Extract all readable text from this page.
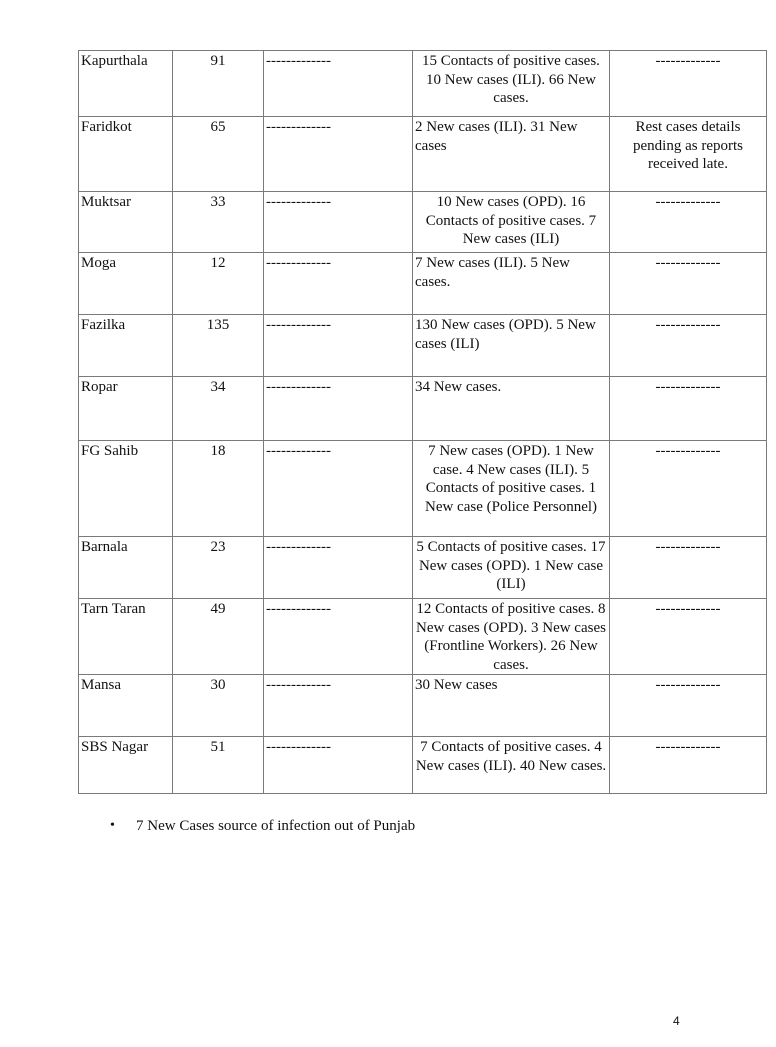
Kapurthala	91	-------------	15 Contacts of positive cases. 10 New cases (ILI). 66 New cases.	-------------
Faridkot	65	-------------	2 New cases (ILI). 31 New cases	Rest cases details pending as reports received late.
Muktsar	33	-------------	10 New cases (OPD). 16 Contacts of positive cases. 7 New cases (ILI)	-------------
Moga	12	-------------	7 New cases (ILI). 5 New cases.	-------------
Fazilka	135	-------------	130 New cases (OPD). 5 New cases (ILI)	-------------
Ropar	34	-------------	34 New cases.	-------------
FG Sahib	18	-------------	7 New cases (OPD). 1 New case. 4 New cases (ILI). 5 Contacts of positive cases. 1 New case (Police Personnel)	-------------
Barnala	23	-------------	5 Contacts of positive cases. 17 New cases (OPD). 1 New case (ILI)	-------------
Tarn Taran	49	-------------	12 Contacts of positive cases. 8 New cases (OPD). 3 New cases (Frontline Workers). 26 New cases.	-------------
Mansa	30	-------------	30 New cases	-------------
SBS Nagar	51	-------------	7 Contacts of positive cases. 4 New cases (ILI). 40 New cases.	-------------
•	7 New Cases source of infection out of Punjab
4
